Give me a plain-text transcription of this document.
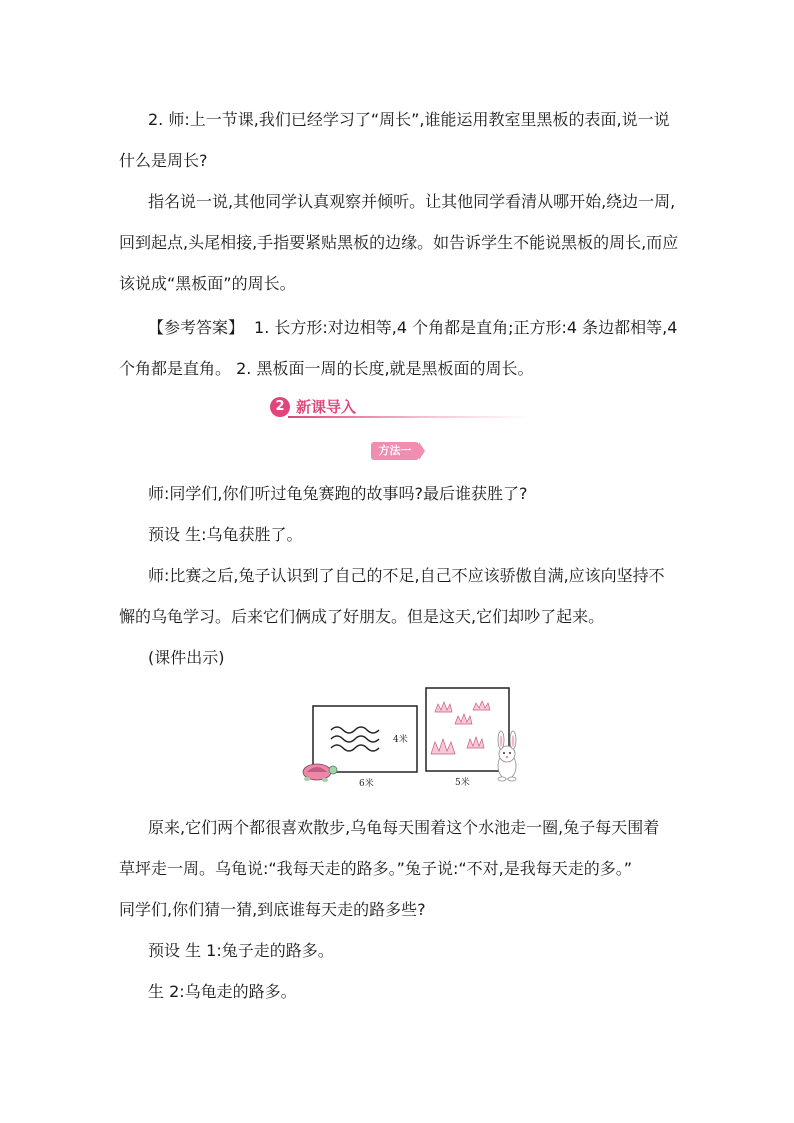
2. 师:上一节课,我们已经学习了“周长”,谁能运用教室里黑板的表面,说一说
什么是周长?
指名说一说,其他同学认真观察并倾听。让其他同学看清从哪开始,绕边一周,
回到起点,头尾相接,手指要紧贴黑板的边缘。如告诉学生不能说黑板的周长,而应
该说成“黑板面”的周长。
【参考答案】 1. 长方形:对边相等,4 个角都是直角;正方形:4 条边都相等,4
个角都是直角。 2. 黑板面一周的长度,就是黑板面的周长。
2 新课导入
方法一
师:同学们,你们听过龟兔赛跑的故事吗?最后谁获胜了?
预设 生:乌龟获胜了。
师:比赛之后,兔子认识到了自己的不足,自己不应该骄傲自满,应该向坚持不
懈的乌龟学习。后来它们俩成了好朋友。但是这天,它们却吵了起来。
(课件出示)
4米
6米	5米
原来,它们两个都很喜欢散步,乌龟每天围着这个水池走一圈,兔子每天围着
草坪走一周。乌龟说:“我每天走的路多。”兔子说:“不对,是我每天走的多。”
同学们,你们猜一猜,到底谁每天走的路多些?
预设 生 1:兔子走的路多。
生 2:乌龟走的路多。
